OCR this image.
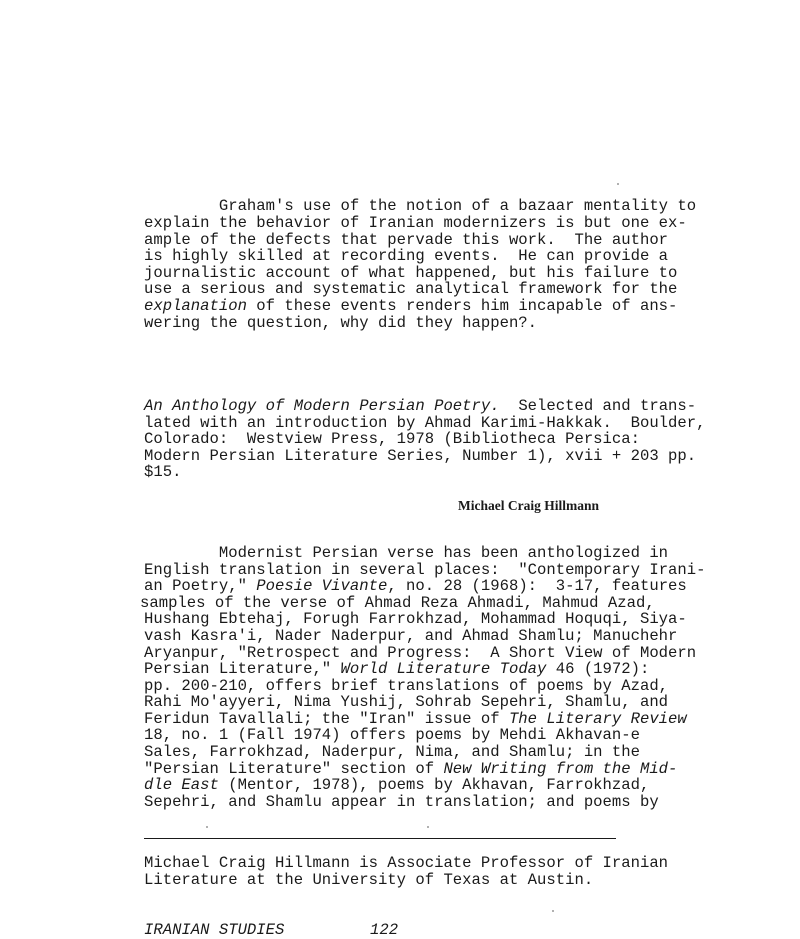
Graham's use of the notion of a bazaar mentality to
explain the behavior of Iranian modernizers is but one ex-
ample of the defects that pervade this work.  The author
is highly skilled at recording events.  He can provide a
journalistic account of what happened, but his failure to
use a serious and systematic analytical framework for the
explanation of these events renders him incapable of ans-
wering the question, why did they happen?.
An Anthology of Modern Persian Poetry.  Selected and trans-
lated with an introduction by Ahmad Karimi-Hakkak.  Boulder,
Colorado:  Westview Press, 1978 (Bibliotheca Persica:
Modern Persian Literature Series, Number 1), xvii + 203 pp.
$15.
Michael Craig Hillmann
Modernist Persian verse has been anthologized in
English translation in several places:  "Contemporary Irani-
an Poetry," Poesie Vivante, no. 28 (1968):  3-17, features
samples of the verse of Ahmad Reza Ahmadi, Mahmud Azad,
Hushang Ebtehaj, Forugh Farrokhzad, Mohammad Hoquqi, Siya-
vash Kasra'i, Nader Naderpur, and Ahmad Shamlu; Manuchehr
Aryanpur, "Retrospect and Progress:  A Short View of Modern
Persian Literature," World Literature Today 46 (1972):
pp. 200-210, offers brief translations of poems by Azad,
Rahi Mo'ayyeri, Nima Yushij, Sohrab Sepehri, Shamlu, and
Feridun Tavallali; the "Iran" issue of The Literary Review
18, no. 1 (Fall 1974) offers poems by Mehdi Akhavan-e
Sales, Farrokhzad, Naderpur, Nima, and Shamlu; in the
"Persian Literature" section of New Writing from the Mid-
dle East (Mentor, 1978), poems by Akhavan, Farrokhzad,
Sepehri, and Shamlu appear in translation; and poems by
Michael Craig Hillmann is Associate Professor of Iranian
Literature at the University of Texas at Austin.
IRANIAN STUDIES	122
